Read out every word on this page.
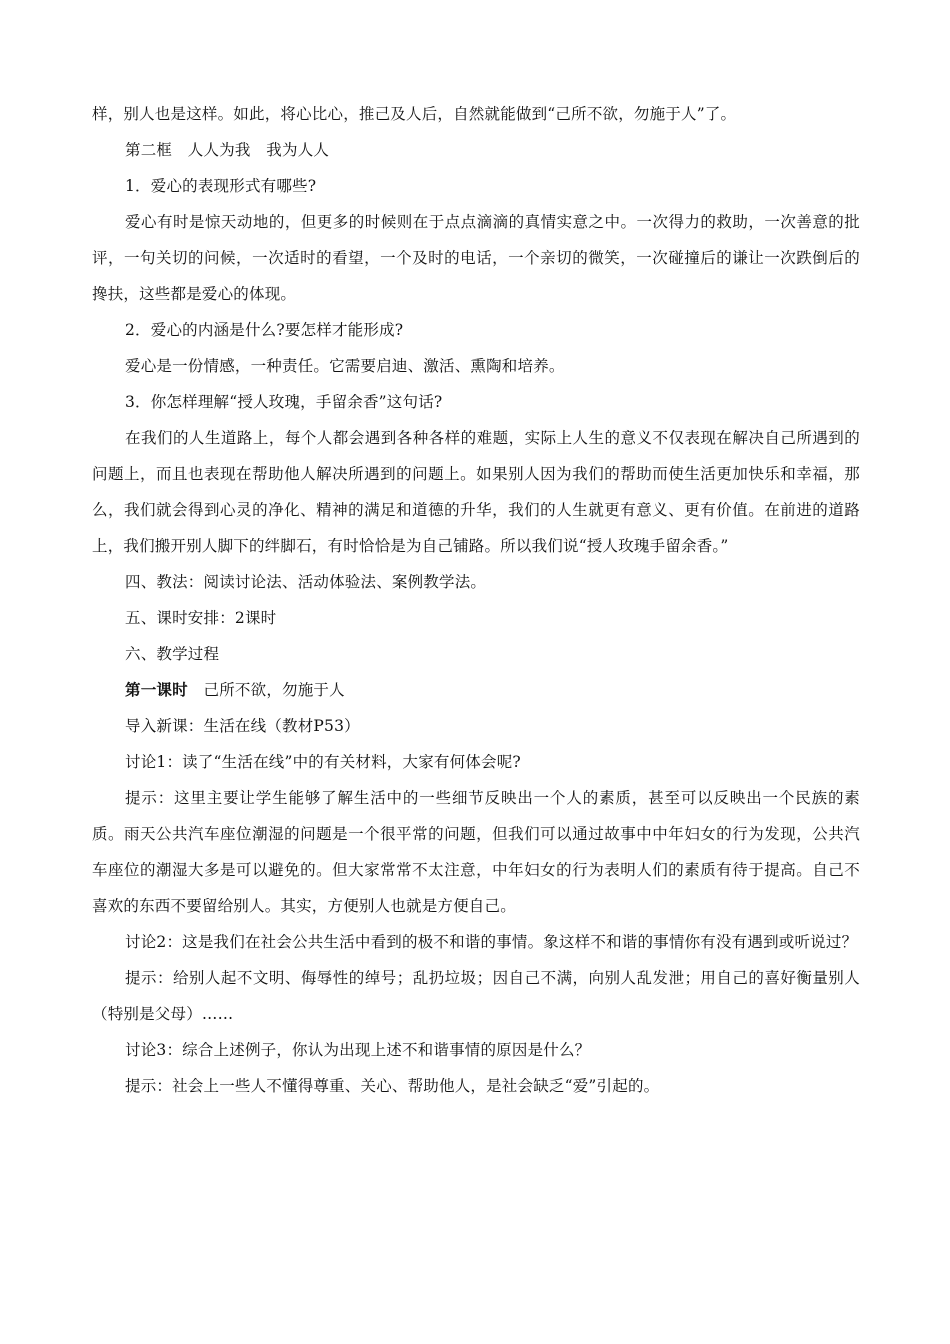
样，别人也是这样。如此，将心比心，推己及人后，自然就能做到“己所不欲，勿施于人”了。

第二框　人人为我　我为人人

1．爱心的表现形式有哪些?

爱心有时是惊天动地的，但更多的时候则在于点点滴滴的真情实意之中。一次得力的救助，一次善意的批评，一句关切的问候，一次适时的看望，一个及时的电话，一个亲切的微笑，一次碰撞后的谦让一次跌倒后的搀扶，这些都是爱心的体现。

2．爱心的内涵是什么?要怎样才能形成?

爱心是一份情感，一种责任。它需要启迪、激活、熏陶和培养。

3．你怎样理解“授人玫瑰，手留余香”这句话?

在我们的人生道路上，每个人都会遇到各种各样的难题，实际上人生的意义不仅表现在解决自己所遇到的问题上，而且也表现在帮助他人解决所遇到的问题上。如果别人因为我们的帮助而使生活更加快乐和幸福，那么，我们就会得到心灵的净化、精神的满足和道德的升华，我们的人生就更有意义、更有价值。在前进的道路上，我们搬开别人脚下的绊脚石，有时恰恰是为自己铺路。所以我们说“授人玫瑰手留余香。”

四、教法：阅读讨论法、活动体验法、案例教学法。

五、课时安排：2课时

六、教学过程

第一课时　己所不欲，勿施于人

导入新课：生活在线（教材P53）

讨论1：读了“生活在线”中的有关材料，大家有何体会呢?

提示：这里主要让学生能够了解生活中的一些细节反映出一个人的素质，甚至可以反映出一个民族的素质。雨天公共汽车座位潮湿的问题是一个很平常的问题，但我们可以通过故事中中年妇女的行为发现，公共汽车座位的潮湿大多是可以避免的。但大家常常不太注意，中年妇女的行为表明人们的素质有待于提高。自己不喜欢的东西不要留给别人。其实，方便别人也就是方便自己。

讨论2：这是我们在社会公共生活中看到的极不和谐的事情。象这样不和谐的事情你有没有遇到或听说过？

提示：给别人起不文明、侮辱性的绰号；乱扔垃圾；因自己不满，向别人乱发泄；用自己的喜好衡量别人（特别是父母）……

讨论3：综合上述例子，你认为出现上述不和谐事情的原因是什么？

提示：社会上一些人不懂得尊重、关心、帮助他人，是社会缺乏“爱”引起的。
